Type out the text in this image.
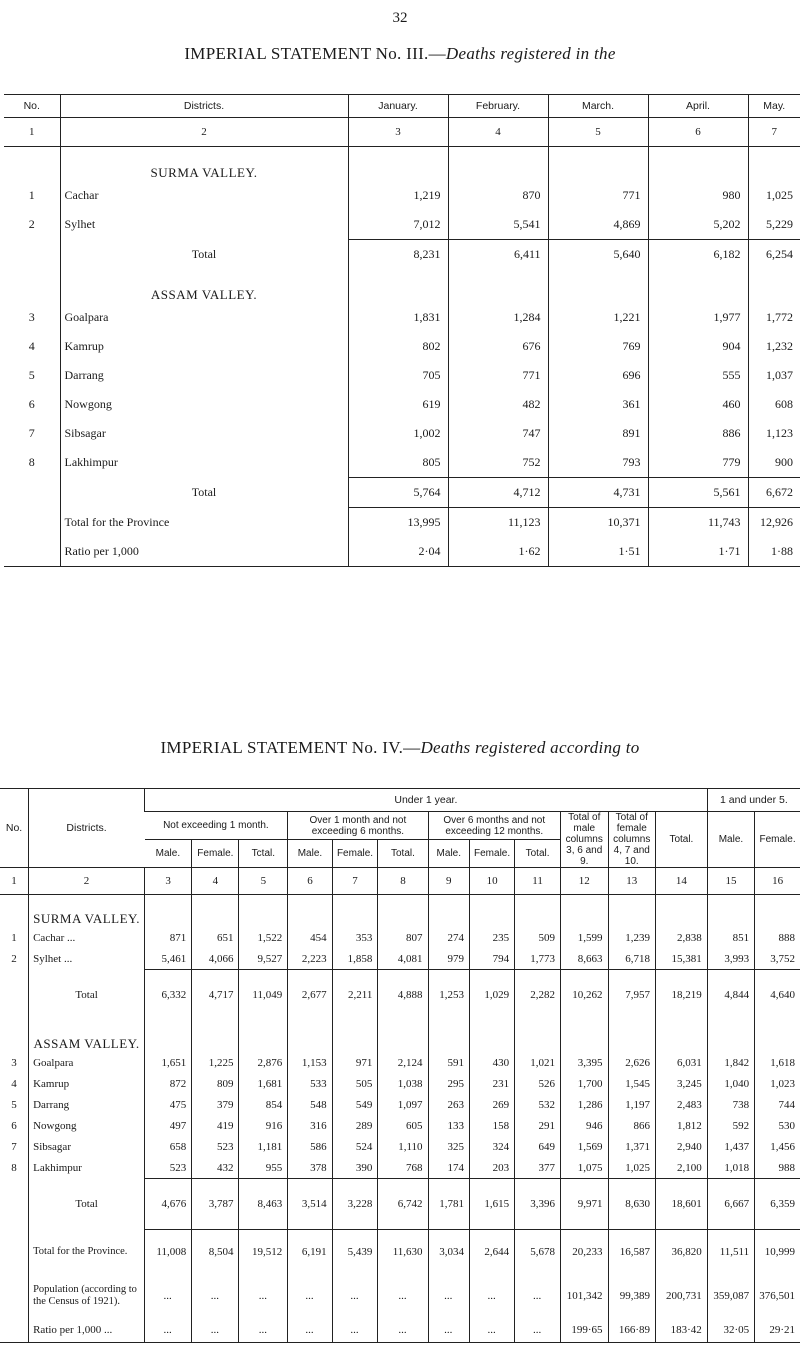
32
IMPERIAL STATEMENT No. III.—Deaths registered in the
No.	Districts.	January.	February.	March.	April.	May.
1	2	3	4	5	6	7
	SURMA VALLEY.					
1	Cachar	1,219	870	771	980	1,025
2	Sylhet	7,012	5,541	4,869	5,202	5,229
	Total	8,231	6,411	5,640	6,182	6,254
	ASSAM VALLEY.					
3	Goalpara	1,831	1,284	1,221	1,977	1,772
4	Kamrup	802	676	769	904	1,232
5	Darrang	705	771	696	555	1,037
6	Nowgong	619	482	361	460	608
7	Sibsagar	1,002	747	891	886	1,123
8	Lakhimpur	805	752	793	779	900
	Total	5,764	4,712	4,731	5,561	6,672
	Total for the Province	13,995	11,123	10,371	11,743	12,926
	Ratio per 1,000	2·04	1·62	1·51	1·71	1·88
IMPERIAL STATEMENT No. IV.—Deaths registered according to
No.	Districts.	Under 1 year.												1 and under 5.	
		Not exceeding 1 month.			Over 1 month and not exceeding 6 months.			Over 6 months and not exceeding 12 months.			Total of male columns 3, 6 and 9.	Total of female columns 4, 7 and 10.	Total.	Male.	Female.
		Male.	Female.	Tctal.	Male.	Female.	Total.	Male.	Female.	Total.					
1	2	3	4	5	6	7	8	9	10	11	12	13	14	15	16
	SURMA VALLEY.														
1	Cachar ...	871	651	1,522	454	353	807	274	235	509	1,599	1,239	2,838	851	888
2	Sylhet ...	5,461	4,066	9,527	2,223	1,858	4,081	979	794	1,773	8,663	6,718	15,381	3,993	3,752
	Total	6,332	4,717	11,049	2,677	2,211	4,888	1,253	1,029	2,282	10,262	7,957	18,219	4,844	4,640
	ASSAM VALLEY.														
3	Goalpara	1,651	1,225	2,876	1,153	971	2,124	591	430	1,021	3,395	2,626	6,031	1,842	1,618
4	Kamrup	872	809	1,681	533	505	1,038	295	231	526	1,700	1,545	3,245	1,040	1,023
5	Darrang	475	379	854	548	549	1,097	263	269	532	1,286	1,197	2,483	738	744
6	Nowgong	497	419	916	316	289	605	133	158	291	946	866	1,812	592	530
7	Sibsagar	658	523	1,181	586	524	1,110	325	324	649	1,569	1,371	2,940	1,437	1,456
8	Lakhimpur	523	432	955	378	390	768	174	203	377	1,075	1,025	2,100	1,018	988
	Total	4,676	3,787	8,463	3,514	3,228	6,742	1,781	1,615	3,396	9,971	8,630	18,601	6,667	6,359
	Total for the Province.	11,008	8,504	19,512	6,191	5,439	11,630	3,034	2,644	5,678	20,233	16,587	36,820	11,511	10,999
	Population (according to the Census of 1921).	...	...	...	...	...	...	...	...	...	101,342	99,389	200,731	359,087	376,501
	Ratio per 1,000 ...	...	...	...	...	...	...	...	...	...	199·65	166·89	183·42	32·05	29·21
